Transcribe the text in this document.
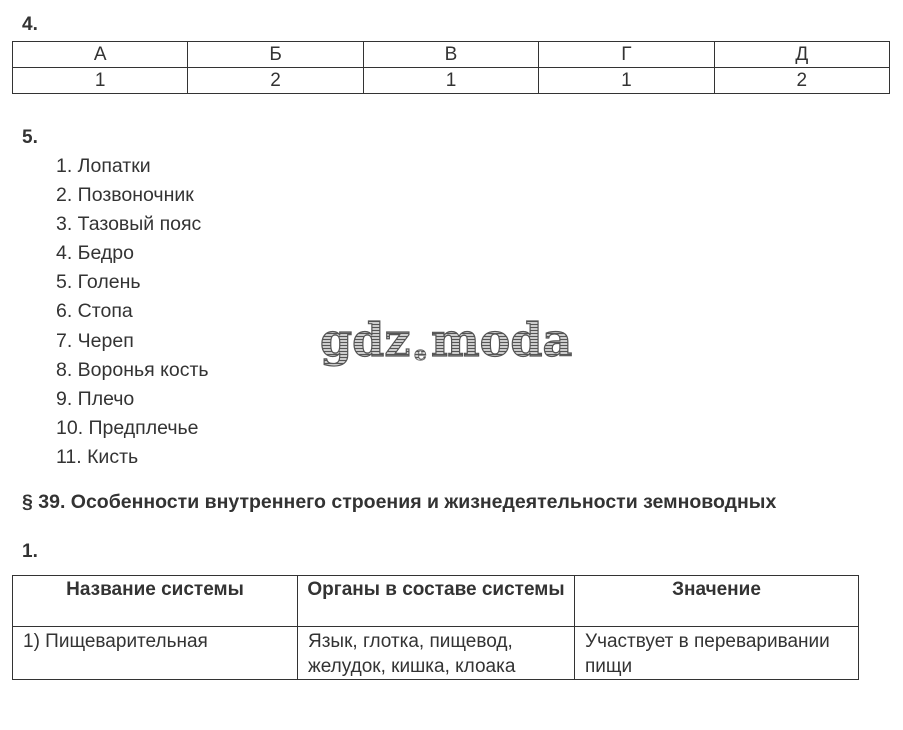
4.
А	Б	В	Г	Д
1	2	1	1	2
5.
1. Лопатки
2. Позвоночник
3. Тазовый пояс
4. Бедро
5. Голень
6. Стопа
7. Череп
8. Воронья кость
9. Плечо
10. Предплечье
11. Кисть
gdz e moda
§ 39. Особенности внутреннего строения и жизнедеятельности земноводных
1.
Название системы	Органы в составе системы	Значение
1) Пищеварительная	Язык, глотка, пищевод, желудок, кишка, клоака	Участвует в переваривании пищи
